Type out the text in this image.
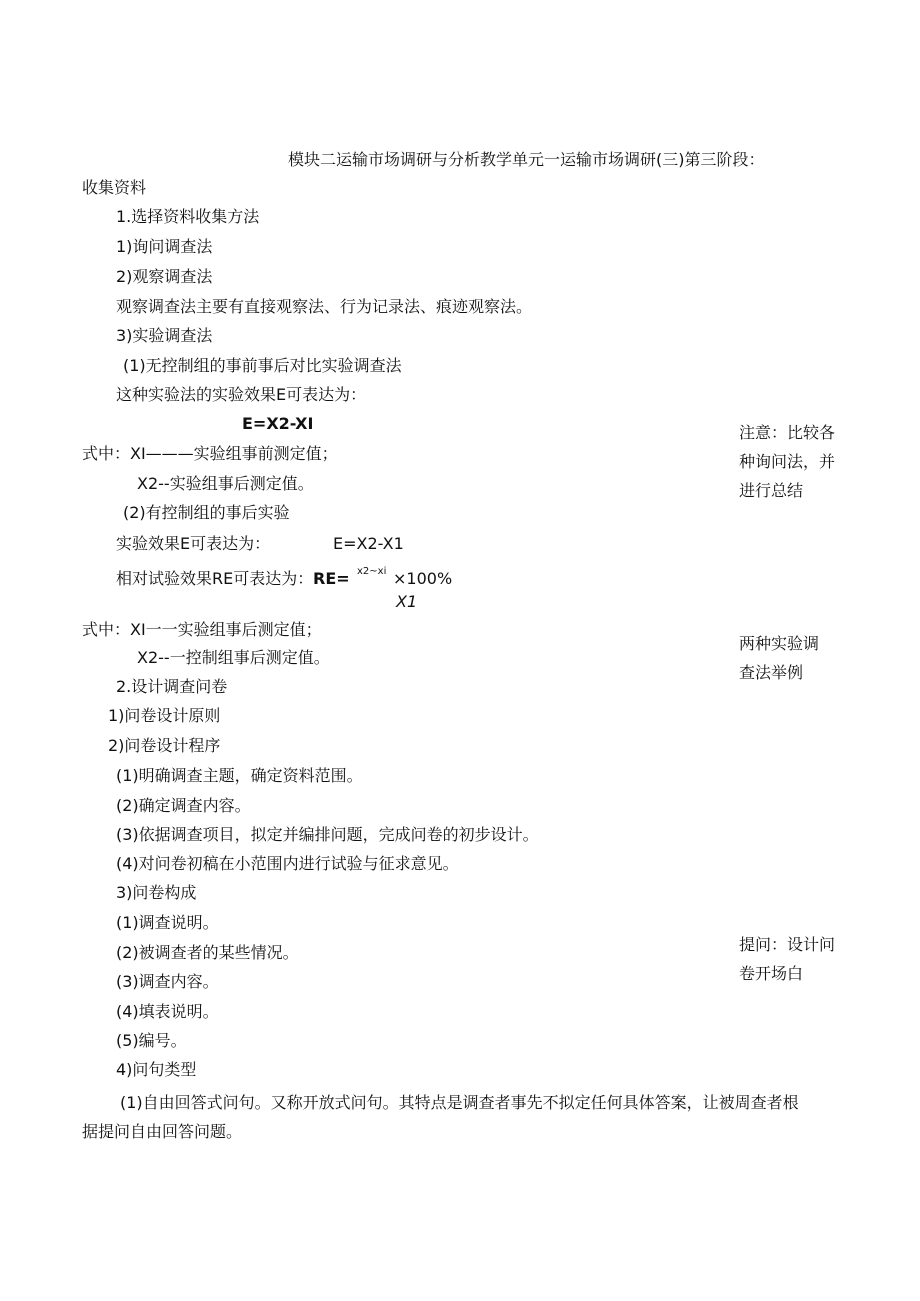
模块二运输市场调研与分析教学单元一运输市场调研(三)第三阶段：
收集资料
1.选择资料收集方法
1)询问调查法
2)观察调查法
观察调查法主要有直接观察法、行为记录法、痕迹观察法。
3)实验调查法
(1)无控制组的事前事后对比实验调查法
这种实验法的实验效果E可表达为：
E=X2-XI
式中：XI———实验组事前测定值；
X2--实验组事后测定值。
(2)有控制组的事后实验
实验效果E可表达为：	E=X2-X1
相对试验效果RE可表达为： RE= x2~xi ×100%
X1
式中：XI一一实验组事后测定值；
X2--一控制组事后测定值。
2.设计调查问卷
1)问卷设计原则
2)问卷设计程序
(1)明确调查主题，确定资料范围。
(2)确定调查内容。
(3)依据调查项目，拟定并编排问题，完成问卷的初步设计。
(4)对问卷初稿在小范围内进行试验与征求意见。
3)问卷构成
(1)调查说明。
(2)被调查者的某些情况。
(3)调查内容。
(4)填表说明。
(5)编号。
4)问句类型
(1)自由回答式问句。又称开放式问句。其特点是调查者事先不拟定任何具体答案，让被周查者根
据提问自由回答问题。
注意：比较各
种询问法，并
进行总结
两种实验调
查法举例
提问：设计问
卷开场白
